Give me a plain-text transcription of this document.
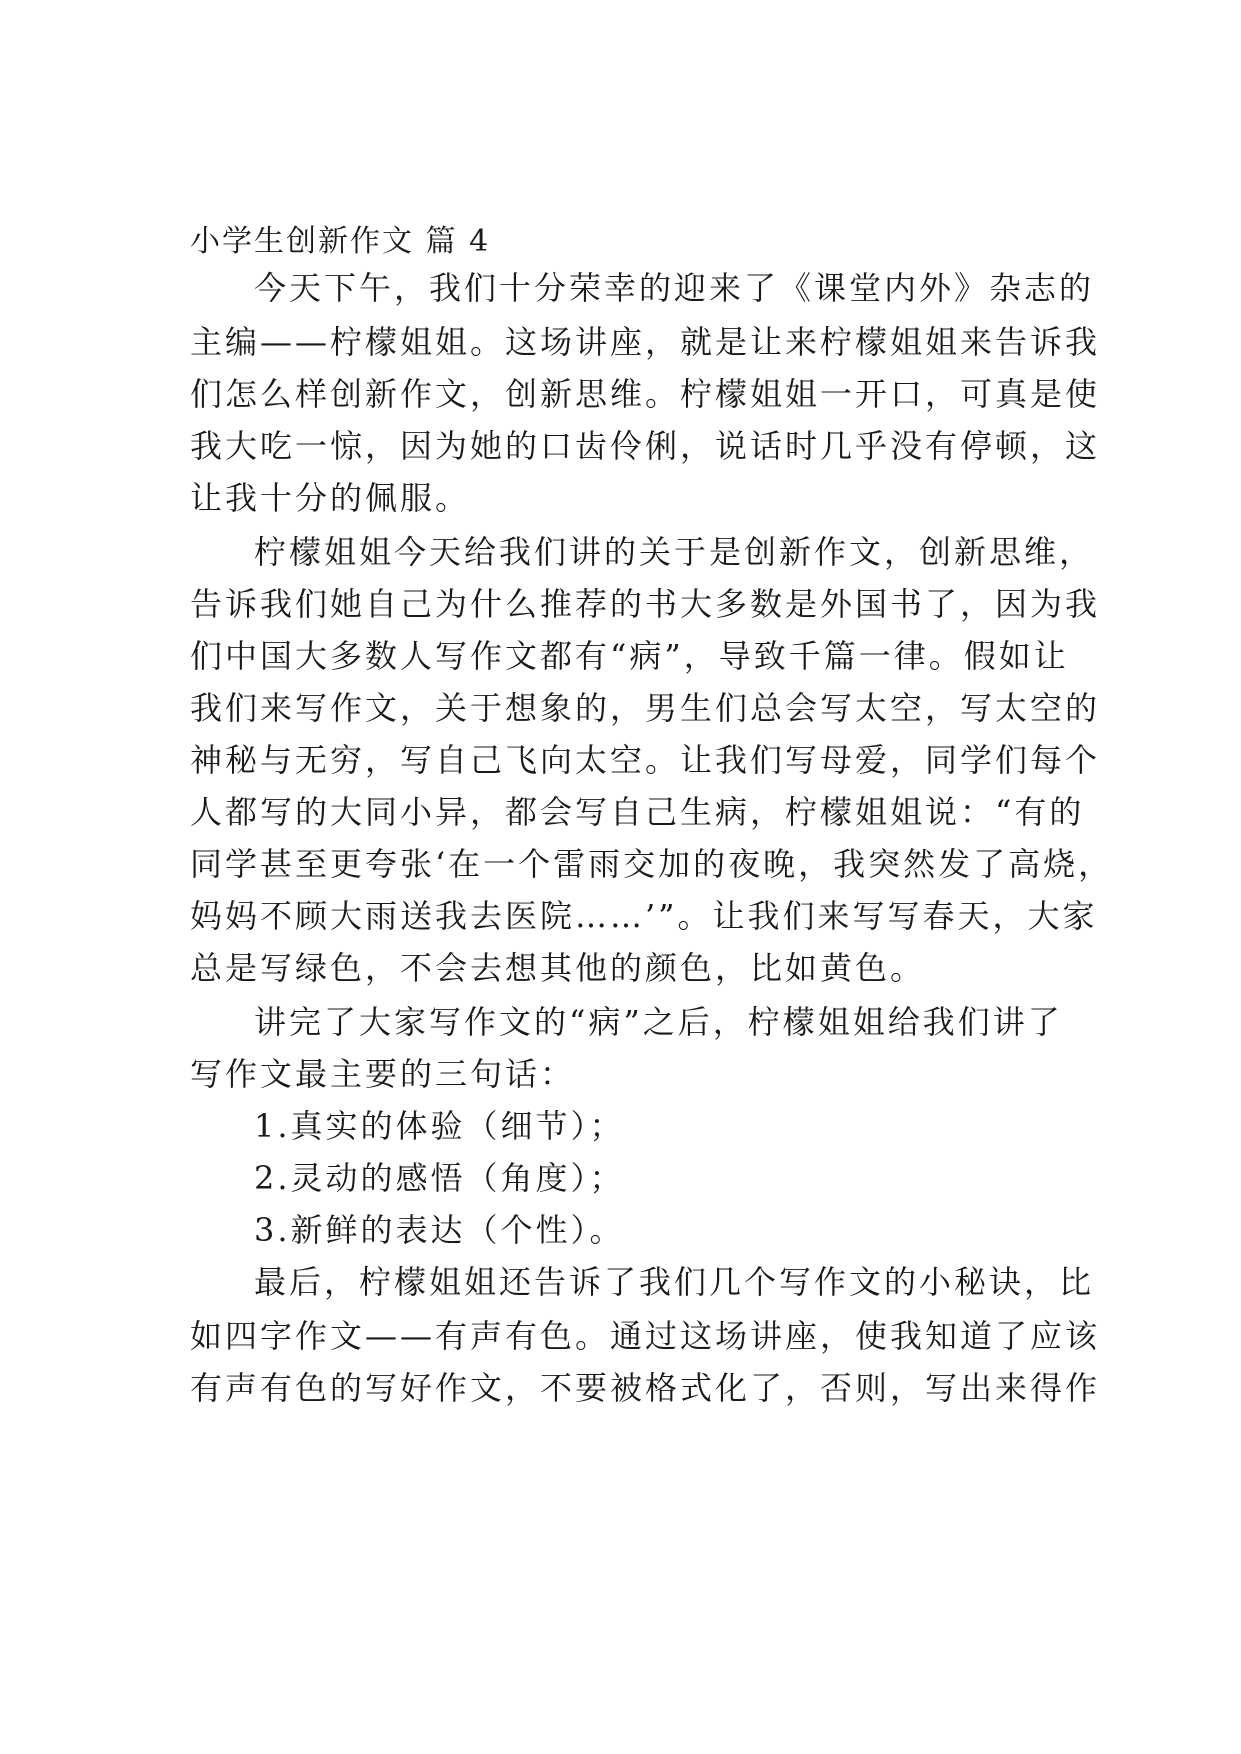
小学生创新作文 篇 4
今天下午，我们十分荣幸的迎来了《课堂内外》杂志的
主编——柠檬姐姐。这场讲座，就是让来柠檬姐姐来告诉我
们怎么样创新作文，创新思维。柠檬姐姐一开口，可真是使
我大吃一惊，因为她的口齿伶俐，说话时几乎没有停顿，这
让我十分的佩服。
柠檬姐姐今天给我们讲的关于是创新作文，创新思维，
告诉我们她自己为什么推荐的书大多数是外国书了，因为我
们中国大多数人写作文都有“病”，导致千篇一律。假如让
我们来写作文，关于想象的，男生们总会写太空，写太空的
神秘与无穷，写自己飞向太空。让我们写母爱，同学们每个
人都写的大同小异，都会写自己生病，柠檬姐姐说：“有的
同学甚至更夸张‘在一个雷雨交加的夜晚，我突然发了高烧，
妈妈不顾大雨送我去医院……’”。让我们来写写春天，大家
总是写绿色，不会去想其他的颜色，比如黄色。
讲完了大家写作文的“病”之后，柠檬姐姐给我们讲了
写作文最主要的三句话：
1.真实的体验（细节）；
2.灵动的感悟（角度）；
3.新鲜的表达（个性）。
最后，柠檬姐姐还告诉了我们几个写作文的小秘诀，比
如四字作文——有声有色。通过这场讲座，使我知道了应该
有声有色的写好作文，不要被格式化了，否则，写出来得作
